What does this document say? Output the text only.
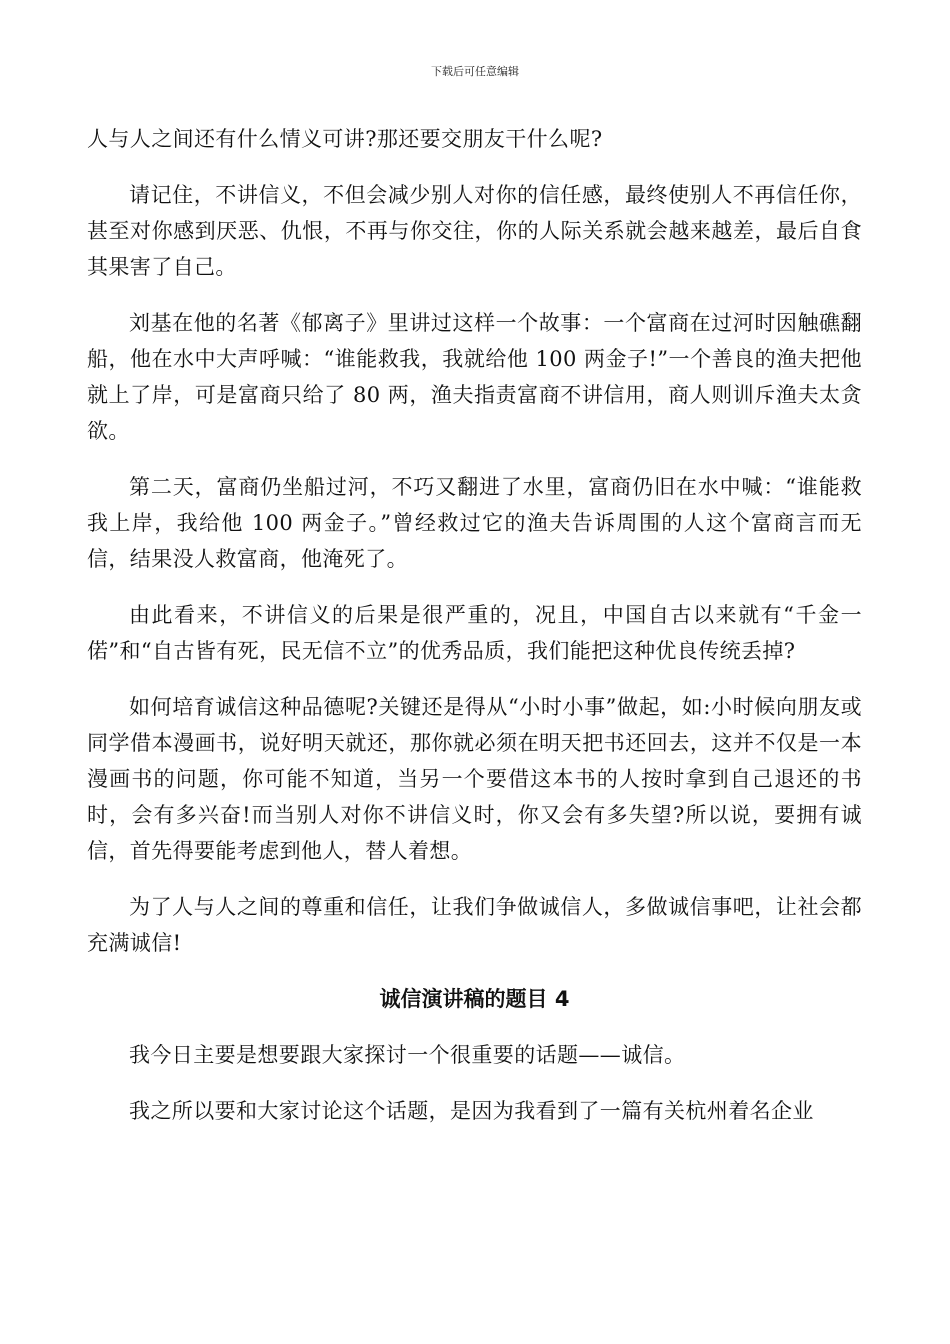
下载后可任意编辑

人与人之间还有什么情义可讲?那还要交朋友干什么呢?

请记住，不讲信义，不但会减少别人对你的信任感，最终使别人不再信任你，甚至对你感到厌恶、仇恨，不再与你交往，你的人际关系就会越来越差，最后自食其果害了自己。

刘基在他的名著《郁离子》里讲过这样一个故事：一个富商在过河时因触礁翻船，他在水中大声呼喊：“谁能救我，我就给他 100 两金子!”一个善良的渔夫把他就上了岸，可是富商只给了 80 两，渔夫指责富商不讲信用，商人则训斥渔夫太贪欲。

第二天，富商仍坐船过河，不巧又翻进了水里，富商仍旧在水中喊：“谁能救我上岸，我给他 100 两金子。”曾经救过它的渔夫告诉周围的人这个富商言而无信，结果没人救富商，他淹死了。

由此看来，不讲信义的后果是很严重的，况且，中国自古以来就有“千金一偌”和“自古皆有死，民无信不立”的优秀品质，我们能把这种优良传统丢掉?

如何培育诚信这种品德呢?关键还是得从“小时小事”做起，如:小时候向朋友或同学借本漫画书，说好明天就还，那你就必须在明天把书还回去，这并不仅是一本漫画书的问题，你可能不知道，当另一个要借这本书的人按时拿到自己退还的书时，会有多兴奋!而当别人对你不讲信义时，你又会有多失望?所以说，要拥有诚信，首先得要能考虑到他人，替人着想。

为了人与人之间的尊重和信任，让我们争做诚信人，多做诚信事吧，让社会都充满诚信!

诚信演讲稿的题目 4

我今日主要是想要跟大家探讨一个很重要的话题——诚信。

我之所以要和大家讨论这个话题，是因为我看到了一篇有关杭州着名企业
